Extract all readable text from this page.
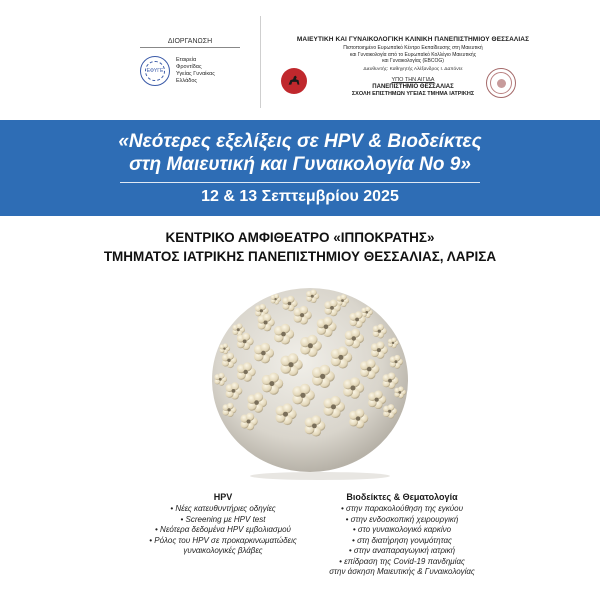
ΔΙΟΡΓΑΝΩΣΗ
ΕΦΥΓΕ
Εταιρεία
Φροντίδας
Υγείας Γυναίκας
Ελλάδος
ΜΑΙΕΥΤΙΚΗ ΚΑΙ ΓΥΝΑΙΚΟΛΟΓΙΚΗ ΚΛΙΝΙΚΗ ΠΑΝΕΠΙΣΤΗΜΙΟΥ ΘΕΣΣΑΛΙΑΣ
Πιστοποιημένο Ευρωπαϊκό Κέντρο Εκπαίδευσης στη Μαιευτική
και Γυναικολογία από το Ευρωπαϊκό Κολλέγιο Μαιευτικής
και Γυναικολογίας (EBCOG)
Διευθυντής: Καθηγητής Αλέξανδρος Ι. Δαπόντε
ΥΠΟ ΤΗΝ ΑΙΓΙΔΑ
ΠΑΝΕΠΙΣΤΗΜΙΟ ΘΕΣΣΑΛΙΑΣ
ΣΧΟΛΗ ΕΠΙΣΤΗΜΩΝ ΥΓΕΙΑΣ ΤΜΗΜΑ ΙΑΤΡΙΚΗΣ
«Νεότερες εξελίξεις σε HPV & Βιοδείκτες
στη Μαιευτική και Γυναικολογία Νο 9»
12 & 13 Σεπτεμβρίου 2025
ΚΕΝΤΡΙΚΟ ΑΜΦΙΘΕΑΤΡΟ «ΙΠΠΟΚΡΑΤΗΣ»
ΤΜΗΜΑΤΟΣ ΙΑΤΡΙΚΗΣ ΠΑΝΕΠΙΣΤΗΜΙΟΥ ΘΕΣΣΑΛΙΑΣ, ΛΑΡΙΣΑ
HPV
• Νέες κατευθυντήριες οδηγίες
• Screening με HPV test
• Νεότερα δεδομένα HPV εμβολιασμού
• Ρόλος του HPV σε προκαρκινωματώδεις
γυναικολογικές βλάβες
Βιοδείκτες & Θεματολογία
• στην παρακολούθηση της εγκύου
• στην ενδοσκοπική χειρουργική
• στο γυναικολογικό καρκίνο
• στη διατήρηση γονιμότητας
• στην αναπαραγωγική ιατρική
• επίδραση της Covid-19 πανδημίας
στην άσκηση Μαιευτικής & Γυναικολογίας
